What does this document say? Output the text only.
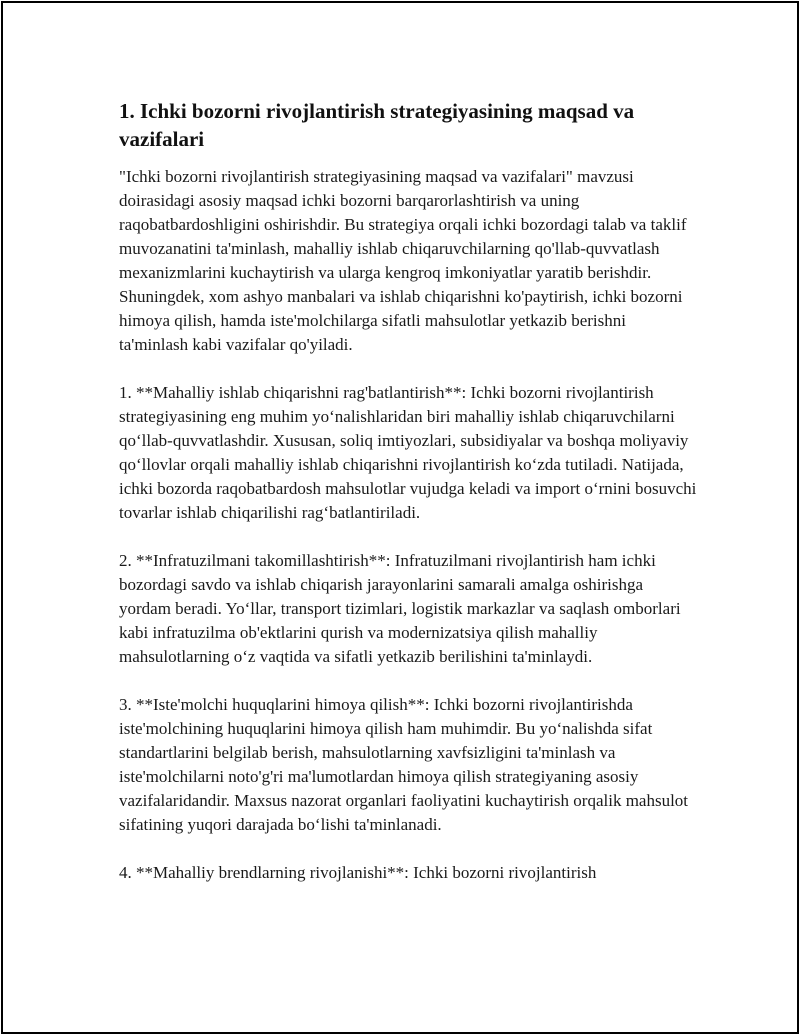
1. Ichki bozorni rivojlantirish strategiyasining maqsad va vazifalari

"Ichki bozorni rivojlantirish strategiyasining maqsad va vazifalari" mavzusi doirasidagi asosiy maqsad ichki bozorni barqarorlashtirish va uning raqobatbardoshligini oshirishdir. Bu strategiya orqali ichki bozordagi talab va taklif muvozanatini ta'minlash, mahalliy ishlab chiqaruvchilarning qo'llab-quvvatlash mexanizmlarini kuchaytirish va ularga kengroq imkoniyatlar yaratib berishdir. Shuningdek, xom ashyo manbalari va ishlab chiqarishni ko'paytirish, ichki bozorni himoya qilish, hamda iste'molchilarga sifatli mahsulotlar yetkazib berishni ta'minlash kabi vazifalar qo'yiladi.

1. **Mahalliy ishlab chiqarishni rag'batlantirish**: Ichki bozorni rivojlantirish strategiyasining eng muhim yo‘nalishlaridan biri mahalliy ishlab chiqaruvchilarni qo‘llab-quvvatlashdir. Xususan, soliq imtiyozlari, subsidiyalar va boshqa moliyaviy qo‘llovlar orqali mahalliy ishlab chiqarishni rivojlantirish ko‘zda tutiladi. Natijada, ichki bozorda raqobatbardosh mahsulotlar vujudga keladi va import o‘rnini bosuvchi tovarlar ishlab chiqarilishi rag‘batlantiriladi.

2. **Infratuzilmani takomillashtirish**: Infratuzilmani rivojlantirish ham ichki bozordagi savdo va ishlab chiqarish jarayonlarini samarali amalga oshirishga yordam beradi. Yo‘llar, transport tizimlari, logistik markazlar va saqlash omborlari kabi infratuzilma ob'ektlarini qurish va modernizatsiya qilish mahalliy mahsulotlarning o‘z vaqtida va sifatli yetkazib berilishini ta'minlaydi.

3. **Iste'molchi huquqlarini himoya qilish**: Ichki bozorni rivojlantirishda iste'molchining huquqlarini himoya qilish ham muhimdir. Bu yo‘nalishda sifat standartlarini belgilab berish, mahsulotlarning xavfsizligini ta'minlash va iste'molchilarni noto'g'ri ma'lumotlardan himoya qilish strategiyaning asosiy vazifalaridandir. Maxsus nazorat organlari faoliyatini kuchaytirish orqalik mahsulot sifatining yuqori darajada bo‘lishi ta'minlanadi.

4. **Mahalliy brendlarning rivojlanishi**: Ichki bozorni rivojlantirish
